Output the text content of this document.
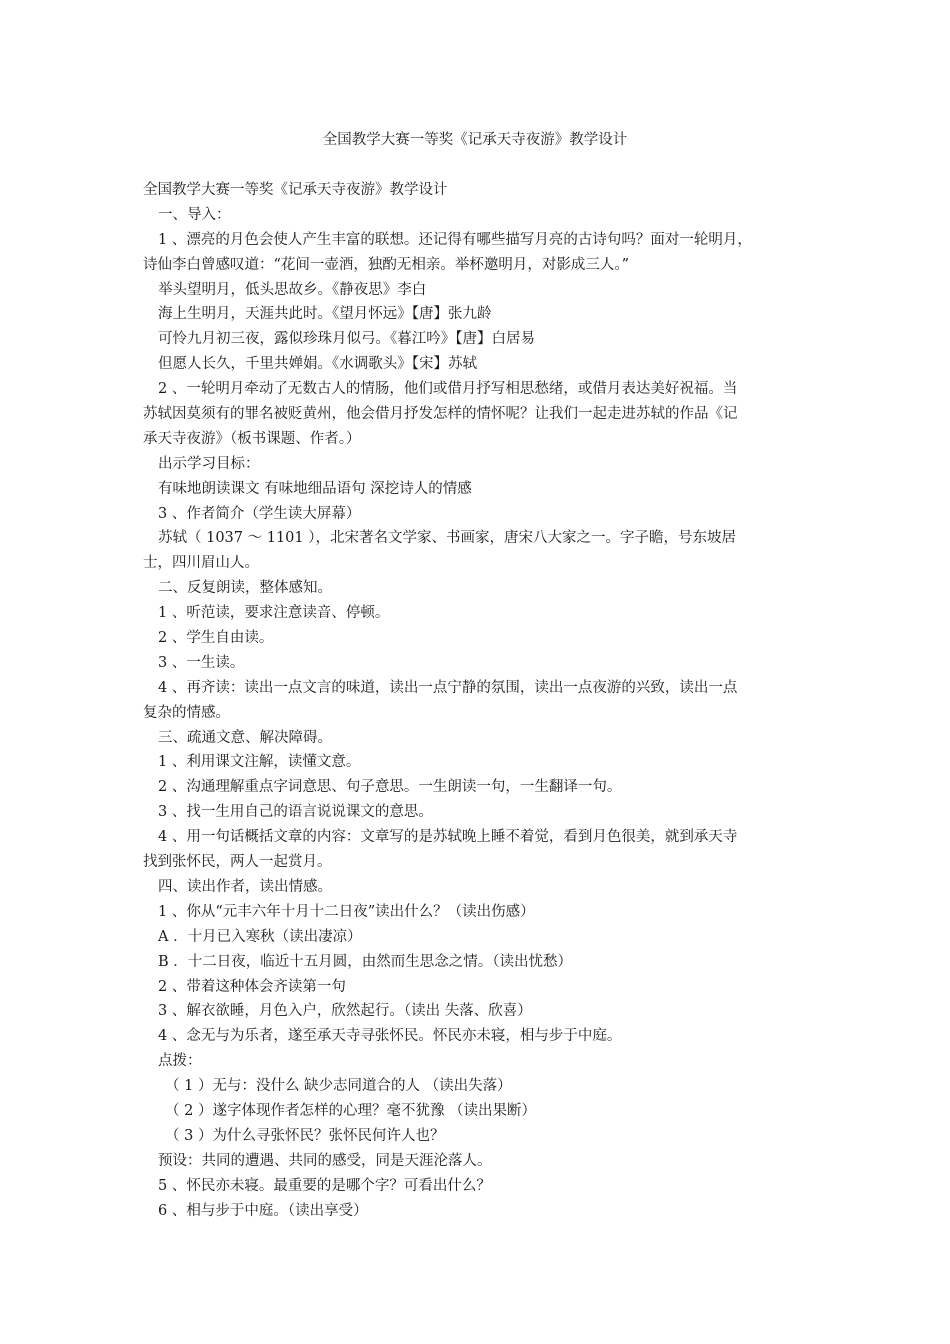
全国教学大赛一等奖《记承天寺夜游》教学设计
全国教学大赛一等奖《记承天寺夜游》教学设计
一、导入：
1 、漂亮的月色会使人产生丰富的联想。还记得有哪些描写月亮的古诗句吗？面对一轮明月，
诗仙李白曾感叹道：“花间一壶酒，独酌无相亲。举杯邀明月，对影成三人。”
举头望明月，低头思故乡。《静夜思》李白
海上生明月，天涯共此时。《望月怀远》【唐】张九龄
可怜九月初三夜，露似珍珠月似弓。《暮江吟》【唐】白居易
但愿人长久，千里共婵娟。《水调歌头》【宋】苏轼
2 、一轮明月牵动了无数古人的情肠，他们或借月抒写相思愁绪，或借月表达美好祝福。当
苏轼因莫须有的罪名被贬黄州，他会借月抒发怎样的情怀呢？让我们一起走进苏轼的作品《记
承天寺夜游》（板书课题、作者。）
出示学习目标：
有味地朗读课文 有味地细品语句 深挖诗人的情感
3 、作者简介（学生读大屏幕）
苏轼（ 1037 ～ 1101 ），北宋著名文学家、书画家，唐宋八大家之一。字子瞻，号东坡居
士，四川眉山人。
二、反复朗读，整体感知。
1 、听范读，要求注意读音、停顿。
2 、学生自由读。
3 、一生读。
4 、再齐读：读出一点文言的味道，读出一点宁静的氛围，读出一点夜游的兴致，读出一点
复杂的情感。
三、疏通文意、解决障碍。
1 、利用课文注解，读懂文意。
2 、沟通理解重点字词意思、句子意思。一生朗读一句，一生翻译一句。
3 、找一生用自己的语言说说课文的意思。
4 、用一句话概括文章的内容：文章写的是苏轼晚上睡不着觉，看到月色很美，就到承天寺
找到张怀民，两人一起赏月。
四、读出作者，读出情感。
1 、你从“元丰六年十月十二日夜”读出什么？（读出伤感）
A ．十月已入寒秋（读出凄凉）
B ．十二日夜，临近十五月圆，由然而生思念之情。（读出忧愁）
2 、带着这种体会齐读第一句
3 、解衣欲睡，月色入户，欣然起行。（读出 失落、欣喜）
4 、念无与为乐者，遂至承天寺寻张怀民。怀民亦未寝，相与步于中庭。
点拨：
（ 1 ）无与：没什么 缺少志同道合的人 （读出失落）
（ 2 ）遂字体现作者怎样的心理？毫不犹豫 （读出果断）
（ 3 ）为什么寻张怀民？张怀民何许人也？
预设：共同的遭遇、共同的感受，同是天涯沦落人。
5 、怀民亦未寝。最重要的是哪个字？可看出什么？
6 、相与步于中庭。（读出享受）
